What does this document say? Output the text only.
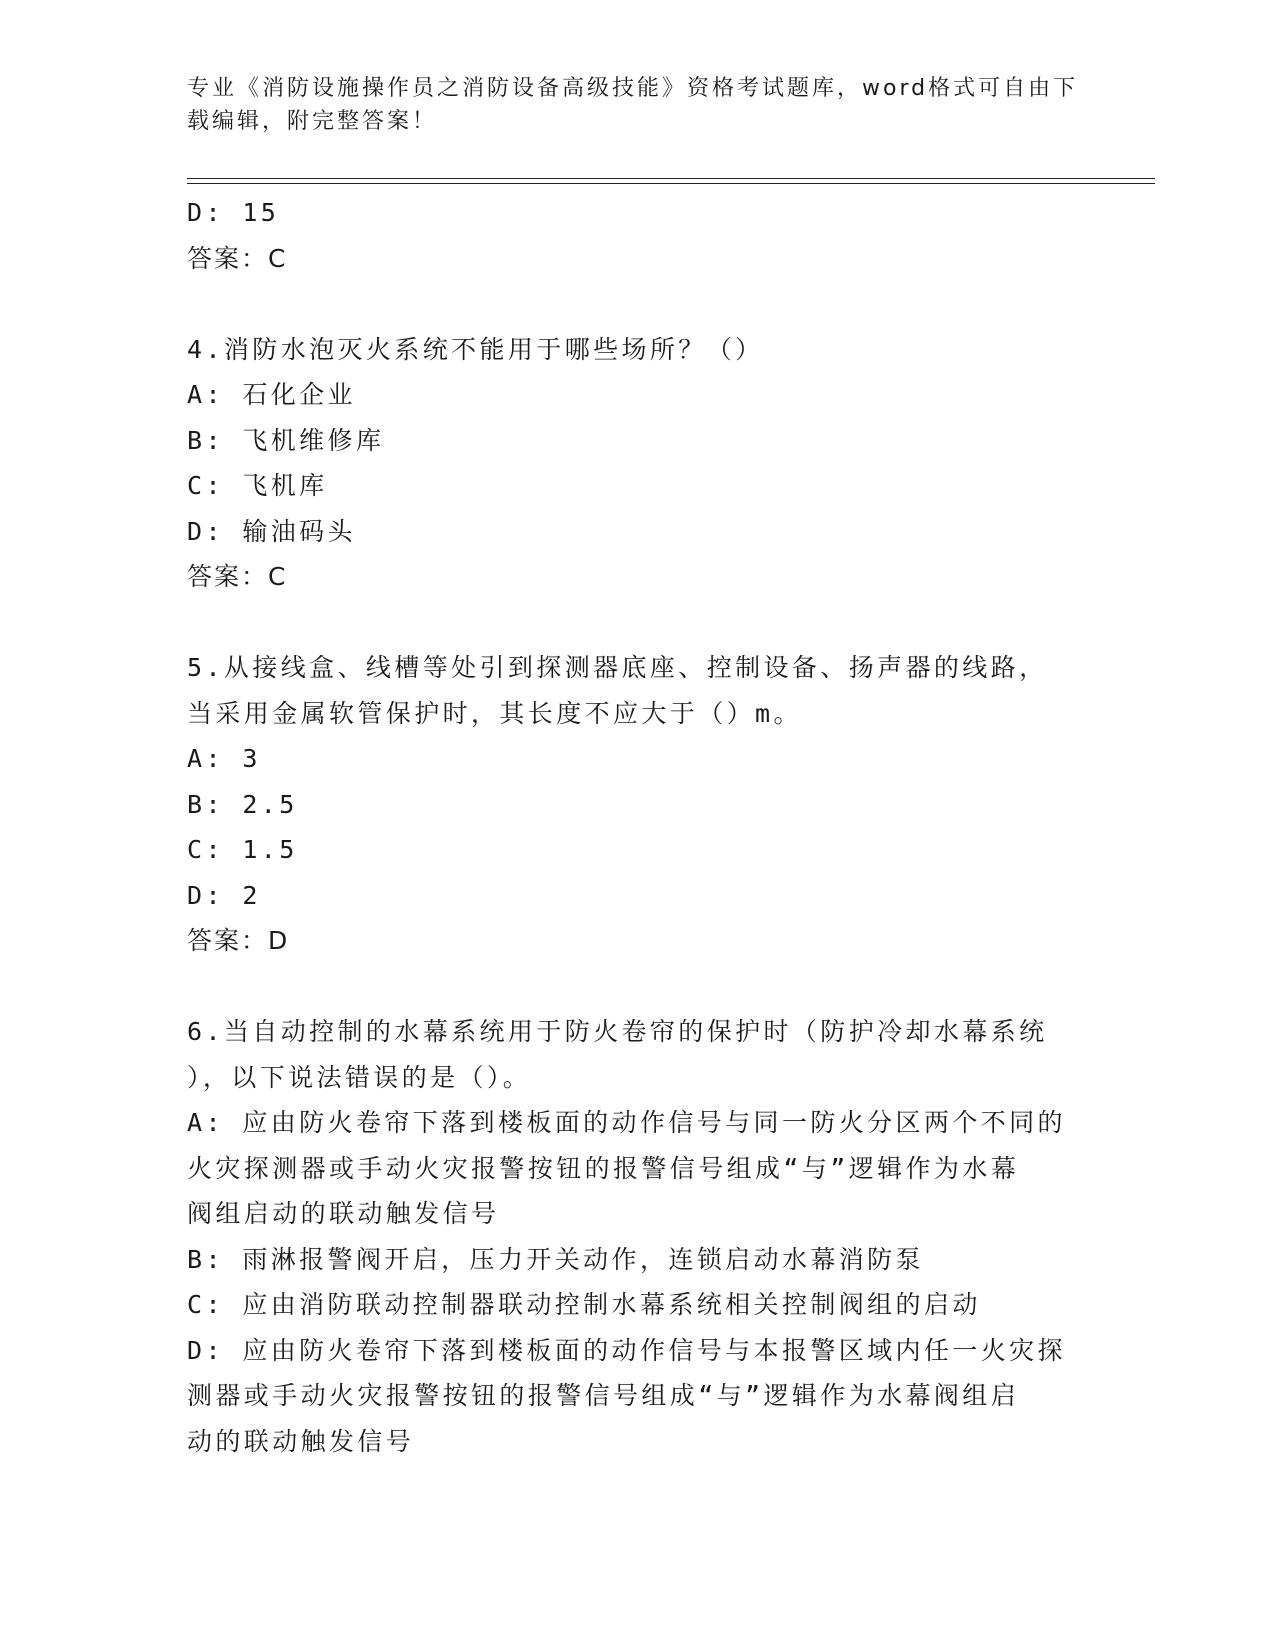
专业《消防设施操作员之消防设备高级技能》资格考试题库，word格式可自由下
载编辑，附完整答案！
D: 15
答案：C
4.消防水泡灭火系统不能用于哪些场所？（）
A: 石化企业
B: 飞机维修库
C: 飞机库
D: 输油码头
答案：C
5.从接线盒、线槽等处引到探测器底座、控制设备、扬声器的线路，
当采用金属软管保护时，其长度不应大于（）m。
A: 3
B: 2.5
C: 1.5
D: 2
答案：D
6.当自动控制的水幕系统用于防火卷帘的保护时（防护冷却水幕系统
），以下说法错误的是（）。
A: 应由防火卷帘下落到楼板面的动作信号与同一防火分区两个不同的
火灾探测器或手动火灾报警按钮的报警信号组成“与”逻辑作为水幕
阀组启动的联动触发信号
B: 雨淋报警阀开启，压力开关动作，连锁启动水幕消防泵
C: 应由消防联动控制器联动控制水幕系统相关控制阀组的启动
D: 应由防火卷帘下落到楼板面的动作信号与本报警区域内任一火灾探
测器或手动火灾报警按钮的报警信号组成“与”逻辑作为水幕阀组启
动的联动触发信号
